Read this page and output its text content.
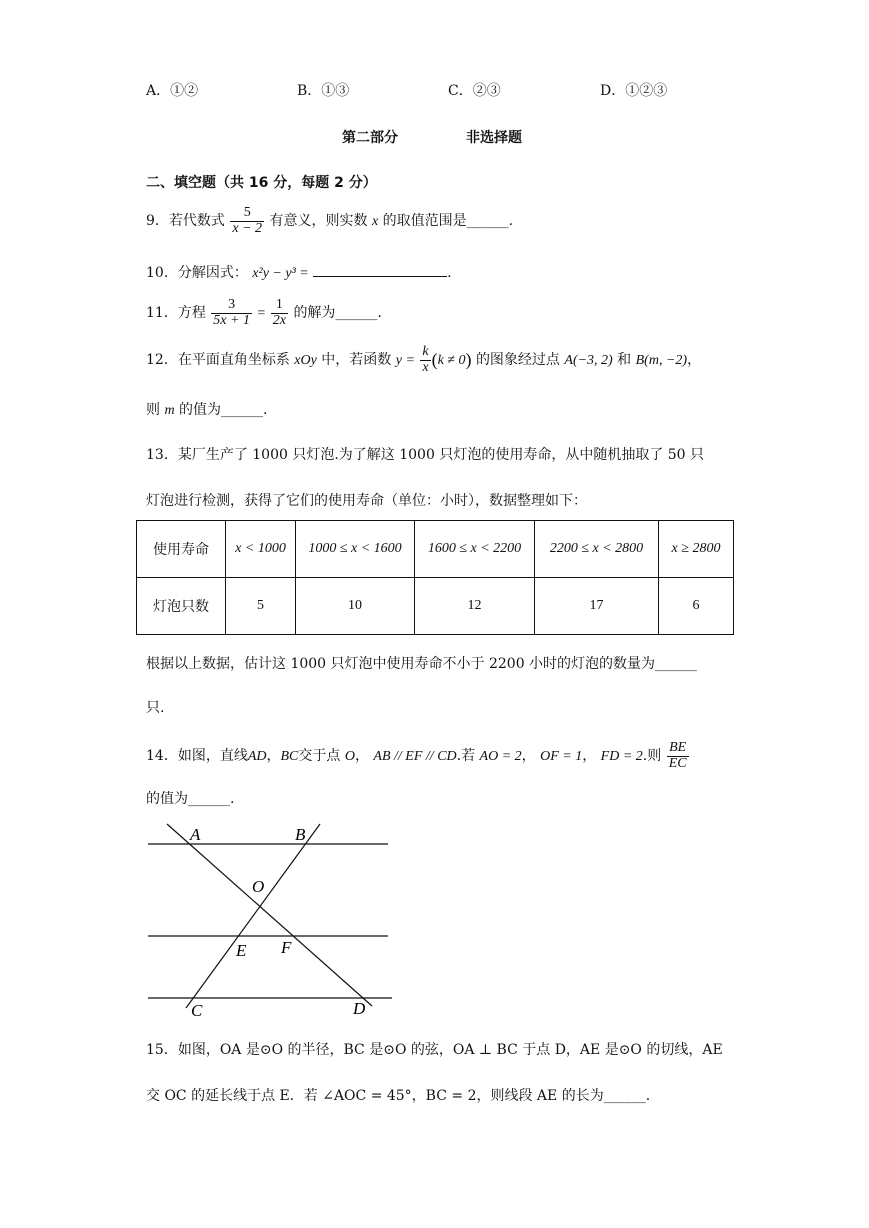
A．①②	B．①③	C．②③	D．①②③
第二部分	非选择题
二、填空题（共 16 分，每题 2 分）
9．若代数式 $\frac{5}{x - 2}$ 有意义，则实数 x 的取值范围是______.
10．分解因式： x²y − y³ =	.
11．方程 $\frac{3}{5x + 1} = \frac{1}{2x}$ 的解为______.
12．在平面直角坐标系 xOy 中，若函数 $y = \frac{k}{x} (k \ne 0)$ 的图象经过点 A(−3, 2) 和 B(m, −2)，
则 m 的值为______.
13．某厂生产了 1000 只灯泡.为了解这 1000 只灯泡的使用寿命，从中随机抽取了 50 只
灯泡进行检测，获得了它们的使用寿命（单位：小时），数据整理如下：
使用寿命	x < 1000	1000 ≤ x < 1600	1600 ≤ x < 2200	2200 ≤ x < 2800	x ≥ 2800
灯泡只数	5	10	12	17	6
根据以上数据，估计这 1000 只灯泡中使用寿命不小于 2200 小时的灯泡的数量为______
只.
14．如图，直线AD，BC交于点 O， AB // EF // CD.若 AO = 2， OF = 1， FD = 2.则 $\frac{BE}{EC}$
的值为______.
A	B
O
E F
C	D
15．如图，OA 是⊙O 的半径，BC 是⊙O 的弦，OA ⊥ BC 于点 D，AE 是⊙O 的切线，AE
交 OC 的延长线于点 E．若 ∠AOC = 45°，BC = 2，则线段 AE 的长为______.
